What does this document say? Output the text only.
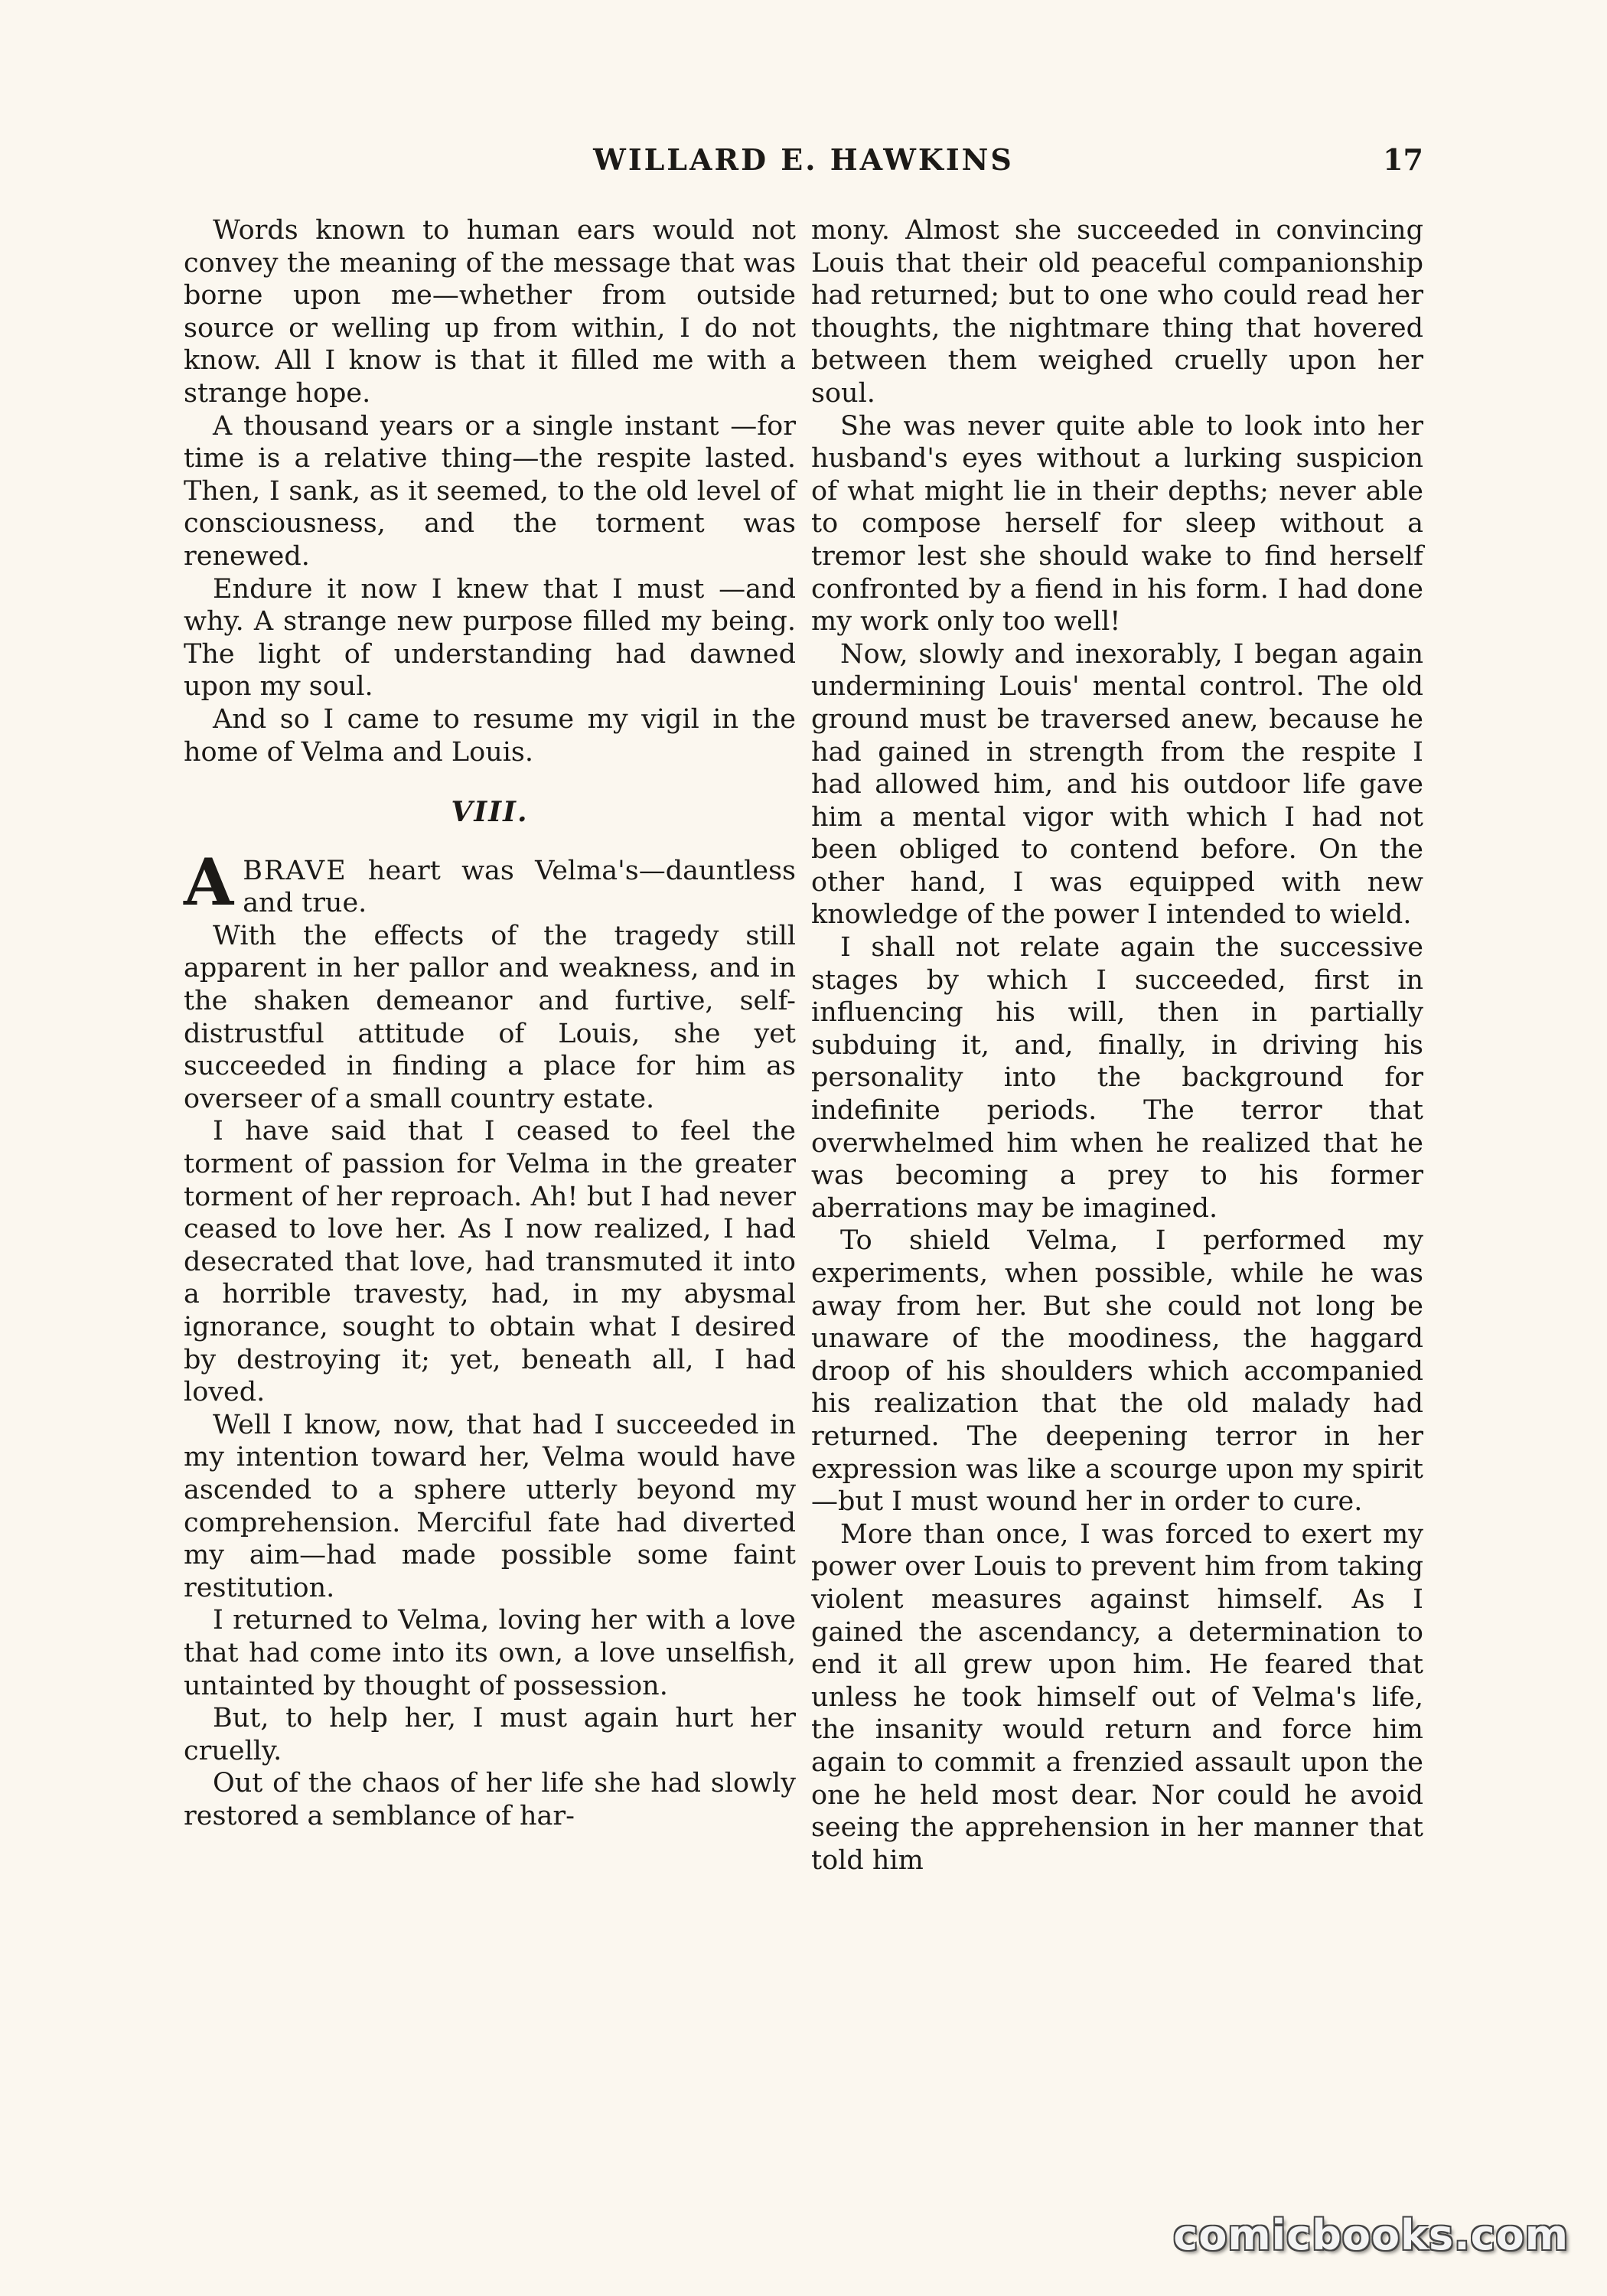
WILLARD E. HAWKINS	17

Words known to human ears would not convey the meaning of the message that was borne upon me—whether from outside source or welling up from within, I do not know. All I know is that it filled me with a strange hope.

A thousand years or a single instant —for time is a relative thing—the respite lasted. Then, I sank, as it seemed, to the old level of consciousness, and the torment was renewed.

Endure it now I knew that I must —and why. A strange new purpose filled my being. The light of understanding had dawned upon my soul.

And so I came to resume my vigil in the home of Velma and Louis.

VIII.

ABRAVE heart was Velma's—dauntless and true.

With the effects of the tragedy still apparent in her pallor and weakness, and in the shaken demeanor and furtive, self-distrustful attitude of Louis, she yet succeeded in finding a place for him as overseer of a small country estate.

I have said that I ceased to feel the torment of passion for Velma in the greater torment of her reproach. Ah! but I had never ceased to love her. As I now realized, I had desecrated that love, had transmuted it into a horrible travesty, had, in my abysmal ignorance, sought to obtain what I desired by destroying it; yet, beneath all, I had loved.

Well I know, now, that had I succeeded in my intention toward her, Velma would have ascended to a sphere utterly beyond my comprehension. Merciful fate had diverted my aim—had made possible some faint restitution.

I returned to Velma, loving her with a love that had come into its own, a love unselfish, untainted by thought of possession.

But, to help her, I must again hurt her cruelly.

Out of the chaos of her life she had slowly restored a semblance of har-

mony. Almost she succeeded in convincing Louis that their old peaceful companionship had returned; but to one who could read her thoughts, the nightmare thing that hovered between them weighed cruelly upon her soul.

She was never quite able to look into her husband's eyes without a lurking suspicion of what might lie in their depths; never able to compose herself for sleep without a tremor lest she should wake to find herself confronted by a fiend in his form. I had done my work only too well!

Now, slowly and inexorably, I began again undermining Louis' mental control. The old ground must be traversed anew, because he had gained in strength from the respite I had allowed him, and his outdoor life gave him a mental vigor with which I had not been obliged to contend before. On the other hand, I was equipped with new knowledge of the power I intended to wield.

I shall not relate again the successive stages by which I succeeded, first in influencing his will, then in partially subduing it, and, finally, in driving his personality into the background for indefinite periods. The terror that overwhelmed him when he realized that he was becoming a prey to his former aberrations may be imagined.

To shield Velma, I performed my experiments, when possible, while he was away from her. But she could not long be unaware of the moodiness, the haggard droop of his shoulders which accompanied his realization that the old malady had returned. The deepening terror in her expression was like a scourge upon my spirit—but I must wound her in order to cure.

More than once, I was forced to exert my power over Louis to prevent him from taking violent measures against himself. As I gained the ascendancy, a determination to end it all grew upon him. He feared that unless he took himself out of Velma's life, the insanity would return and force him again to commit a frenzied assault upon the one he held most dear. Nor could he avoid seeing the apprehension in her manner that told him

comicbooks.com
